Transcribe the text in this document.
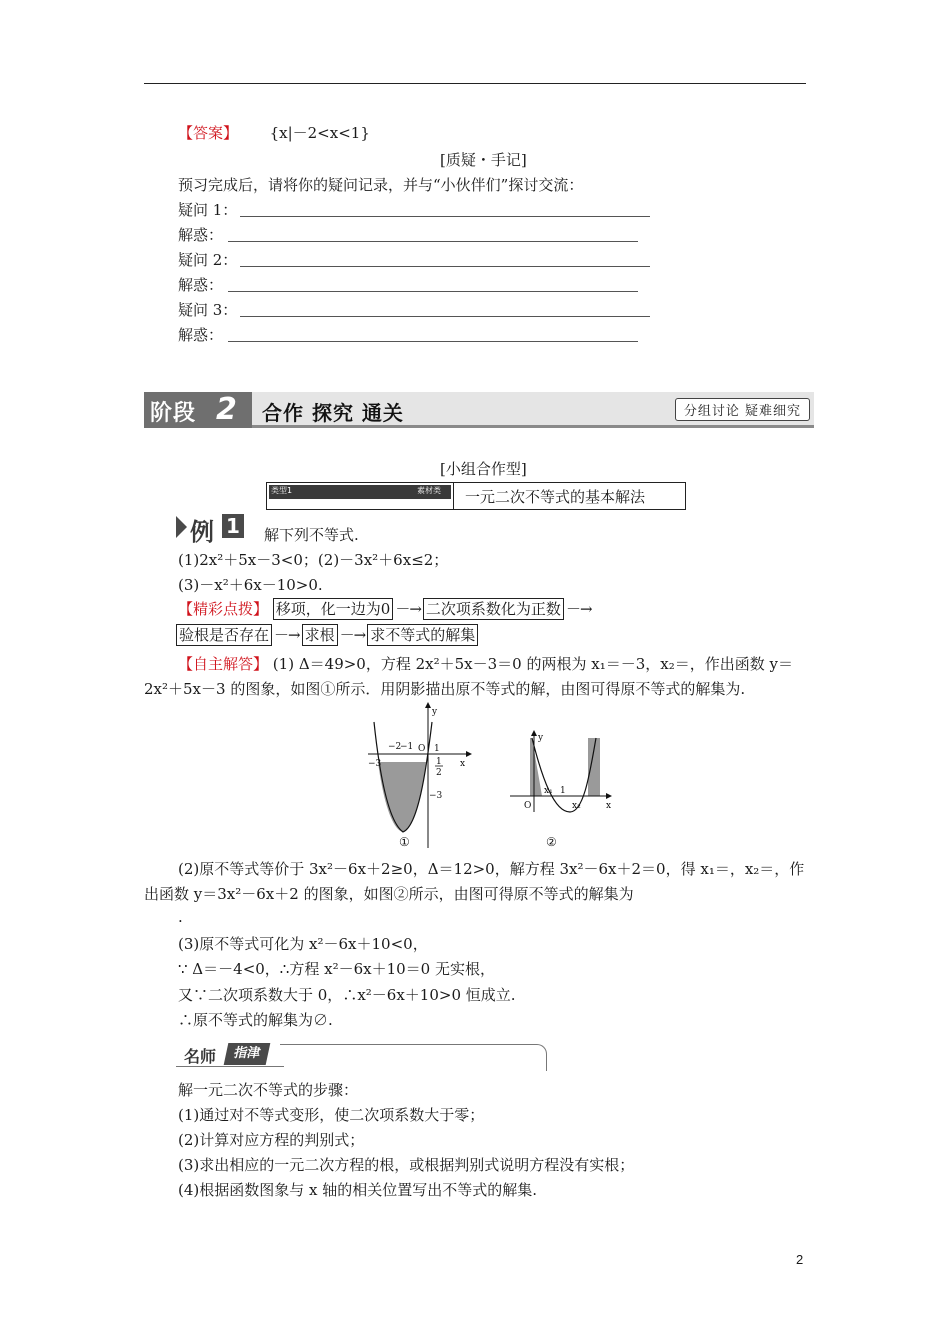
【答案】 {x|－2<x<1}
[质疑・手记]
预习完成后，请将你的疑问记录，并与“小伙伴们”探讨交流：
疑问 1：
解惑：
疑问 2：
解惑：
疑问 3：
解惑：
阶段 2	合作 探究 通关	分组讨论 疑难细究
[小组合作型]
类型1	素材类 一元二次不等式的基本解法
例 1 解下列不等式.
(1)2x²＋5x－3<0；(2)－3x²＋6x≤2；
(3)－x²＋6x－10>0.
【精彩点拨】 移项，化一边为0 －→ 二次项系数化为正数 －→
验根是否存在 －→ 求根 －→ 求不等式的解集
【自主解答】 (1) Δ＝49>0，方程 2x²＋5x－3＝0 的两根为 x₁＝－3，x₂＝，作出函数 y＝
2x²＋5x－3 的图象，如图①所示．用阴影描出原不等式的解，由图可得原不等式的解集为.
y
x
O
−3
−2
−1 1
1
2
−3
①
y
x
O
x₁ 1
x₂
②
(2)原不等式等价于 3x²－6x＋2≥0，Δ＝12>0，解方程 3x²－6x＋2＝0，得 x₁＝，x₂＝，作
出函数 y＝3x²－6x＋2 的图象，如图②所示，由图可得原不等式的解集为
.
(3)原不等式可化为 x²－6x＋10<0，
∵ Δ＝－4<0，∴方程 x²－6x＋10＝0 无实根，
又∵二次项系数大于 0，∴x²－6x＋10>0 恒成立.
∴原不等式的解集为∅.
名师	指津
解一元二次不等式的步骤：
(1)通过对不等式变形，使二次项系数大于零；
(2)计算对应方程的判别式；
(3)求出相应的一元二次方程的根，或根据判别式说明方程没有实根；
(4)根据函数图象与 x 轴的相关位置写出不等式的解集.
2
